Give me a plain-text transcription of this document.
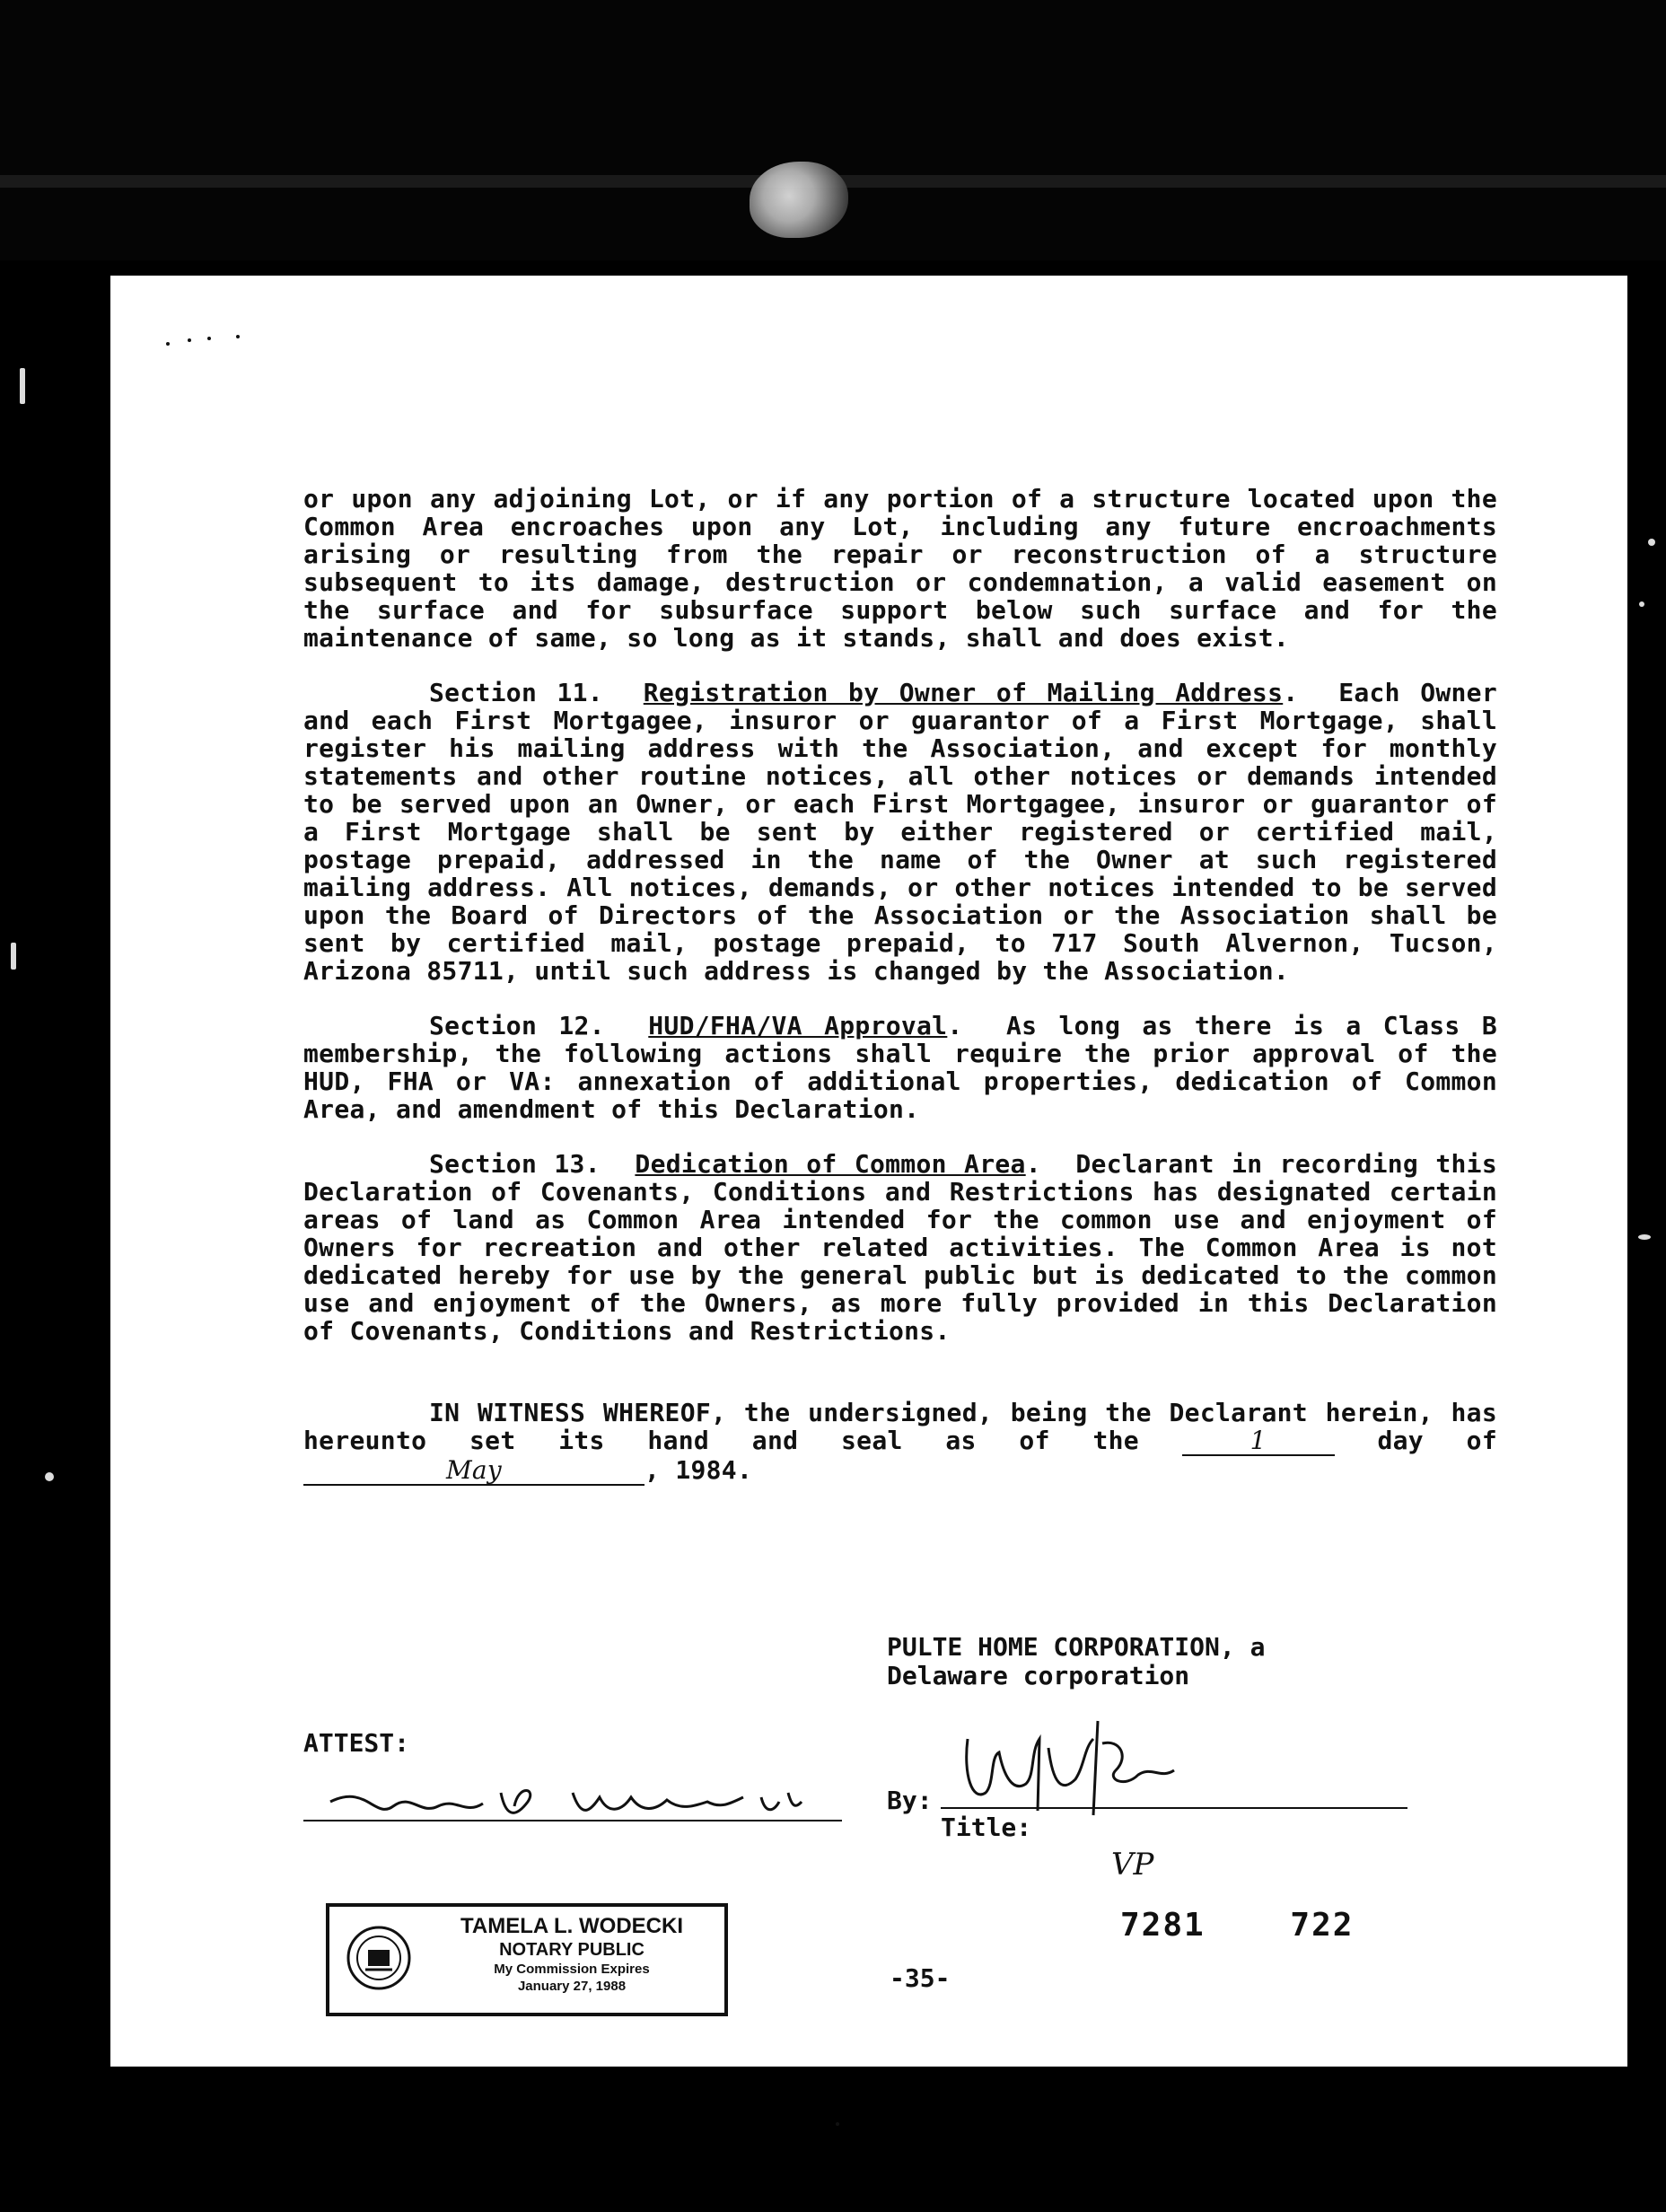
or upon any adjoining Lot, or if any portion of a structure located upon the Common Area encroaches upon any Lot, including any future encroachments arising or resulting from the repair or reconstruction of a structure subsequent to its damage, destruction or condemnation, a valid easement on the surface and for subsurface support below such surface and for the maintenance of same, so long as it stands, shall and does exist.

Section 11. Registration by Owner of Mailing Address.  Each Owner and each First Mortgagee, insuror or guarantor of a First Mortgage, shall register his mailing address with the Association, and except for monthly statements and other routine notices, all other notices or demands intended to be served upon an Owner, or each First Mortgagee, insuror or guarantor of a First Mortgage shall be sent by either registered or certified mail, postage prepaid, addressed in the name of the Owner at such registered mailing address. All notices, demands, or other notices intended to be served upon the Board of Directors of the Association or the Association shall be sent by certified mail, postage prepaid, to 717 South Alvernon, Tucson, Arizona 85711, until such address is changed by the Association.

Section 12. HUD/FHA/VA Approval.  As long as there is a Class B membership, the following actions shall require the prior approval of the HUD, FHA or VA: annexation of additional properties, dedication of Common Area, and amendment of this Declaration.

Section 13. Dedication of Common Area.  Declarant in recording this Declaration of Covenants, Conditions and Restrictions has designated certain areas of land as Common Area intended for the common use and enjoyment of Owners for recreation and other related activities. The Common Area is not dedicated hereby for use by the general public but is dedicated to the common use and enjoyment of the Owners, as more fully provided in this Declaration of Covenants, Conditions and Restrictions.

IN WITNESS WHEREOF, the undersigned, being the Declarant herein, has hereunto set its hand and seal as of the	1	day of May	, 1984.

PULTE HOME CORPORATION, a
Delaware corporation
ATTEST:
By:
Title:
VP
TAMELA L. WODECKI
NOTARY PUBLIC
My Commission Expires
January 27, 1988	-35-
7281	722
